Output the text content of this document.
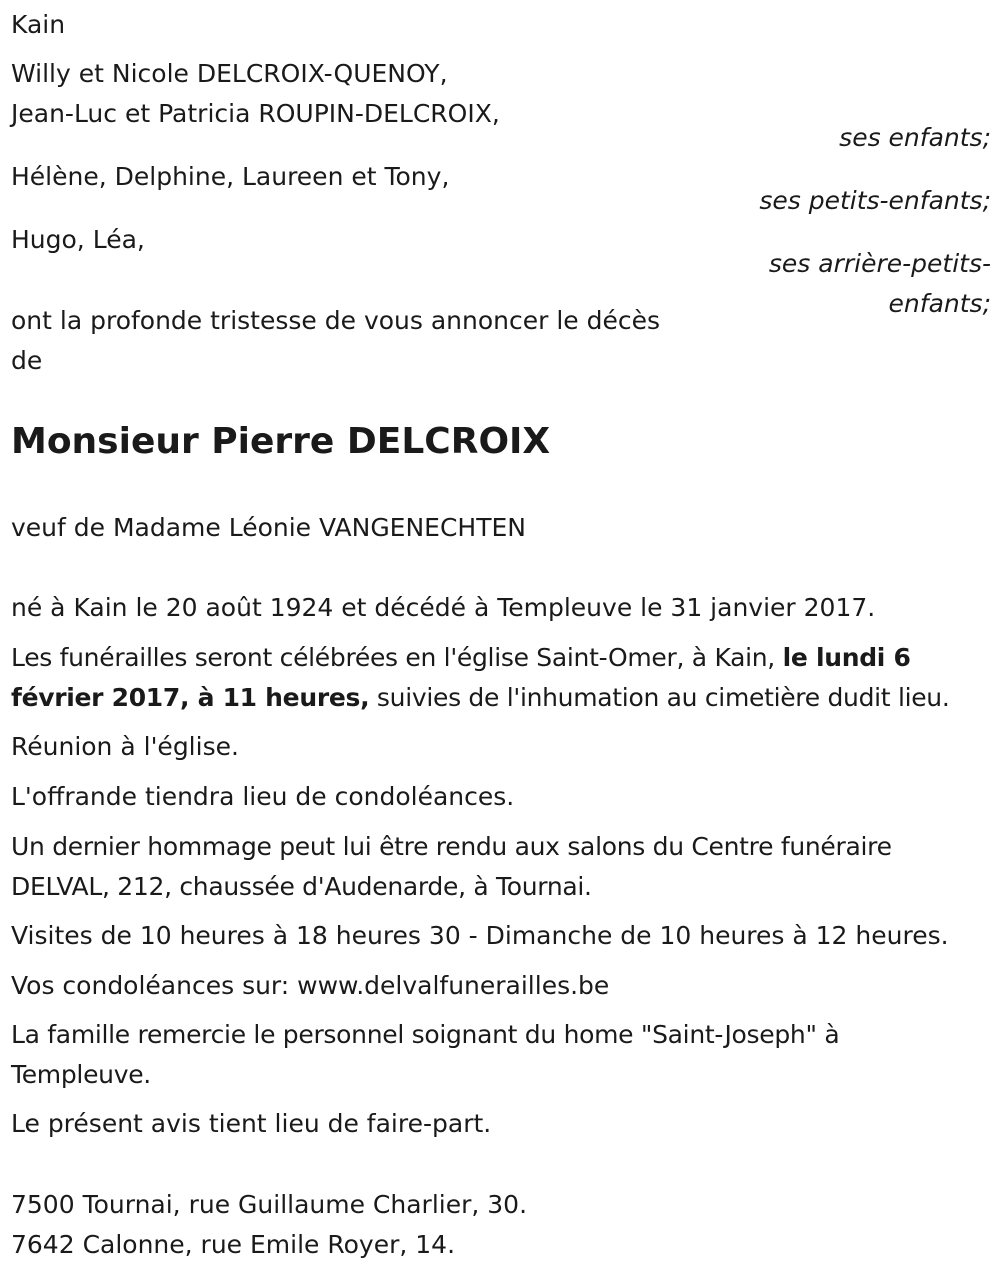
Kain
Willy et Nicole DELCROIX-QUENOY,
Jean-Luc et Patricia ROUPIN-DELCROIX,
ses enfants;
Hélène, Delphine, Laureen et Tony,
ses petits-enfants;
Hugo, Léa,
ses arrière-petits-
enfants;
ont la profonde tristesse de vous annoncer le décès
de
Monsieur Pierre DELCROIX
veuf de Madame Léonie VANGENECHTEN
né à Kain le 20 août 1924 et décédé à Templeuve le 31 janvier 2017.
Les funérailles seront célébrées en l'église Saint-Omer, à Kain, le lundi 6 février 2017, à 11 heures, suivies de l'inhumation au cimetière dudit lieu.
Réunion à l'église.
L'offrande tiendra lieu de condoléances.
Un dernier hommage peut lui être rendu aux salons du Centre funéraire DELVAL, 212, chaussée d'Audenarde, à Tournai.
Visites de 10 heures à 18 heures 30 - Dimanche de 10 heures à 12 heures.
Vos condoléances sur: www.delvalfunerailles.be
La famille remercie le personnel soignant du home "Saint-Joseph" à Templeuve.
Le présent avis tient lieu de faire-part.
7500 Tournai, rue Guillaume Charlier, 30.
7642 Calonne, rue Emile Royer, 14.
